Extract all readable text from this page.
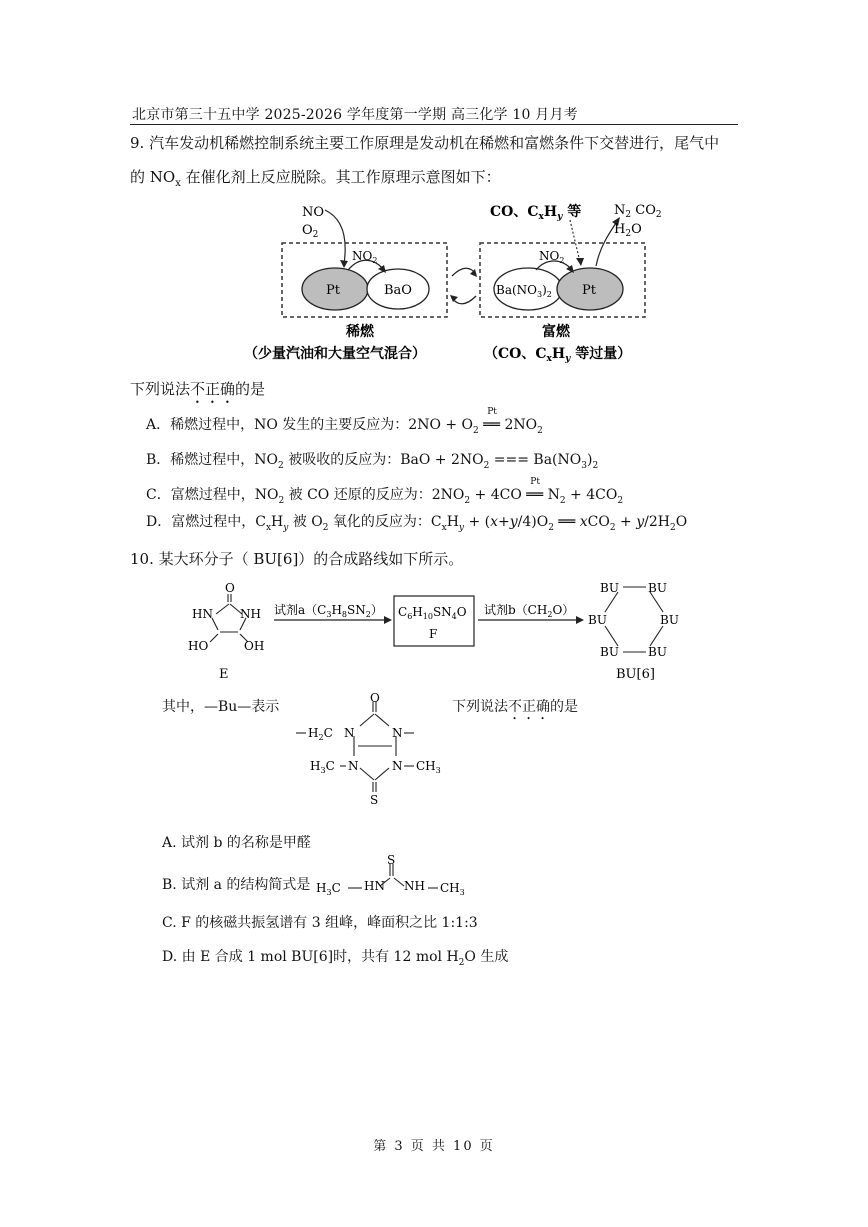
北京市第三十五中学 2025-2026 学年度第一学期 高三化学 10 月月考
9. 汽车发动机稀燃控制系统主要工作原理是发动机在稀燃和富燃条件下交替进行，尾气中
的 $NO_x$ 在催化剂上反应脱除。其工作原理示意图如下：
Pt	BaO
NO
$O_2$
$NO_2$
$Ba(NO_3)_2$ Pt
$NO_2$
CO、$C_xH_y$ 等	$N_2$ $CO_2$
$H_2O$
稀燃	富燃
（少量汽油和大量空气混合）	（CO、$C_xH_y$ 等过量）
下列说法不正确的是
A．稀燃过程中，NO 发生的主要反应为：$2NO + O_2$
Pt
══ $2NO_2$
B．稀燃过程中，$NO_2$ 被吸收的反应为：BaO + $2NO_2$ === $Ba(NO_3)_2$
C．富燃过程中，$NO_2$ 被 CO 还原的反应为：$2NO_2 + 4CO$
Pt
══ $N_2 + 4CO_2$
D．富燃过程中，$C_xH_y$ 被 $O_2$ 氧化的反应为：$C_xH_y + (x+y/4)O_2$ ══ $xCO_2 + y/2H_2O$
10. 某大环分子（ BU[6]）的合成路线如下所示。
O
HN NH
HO	OH
E
试剂$a(C_3H_8SN_2)$ $C_6H_{10}SN_4O$
F
试剂$b(CH_2O)$
BU BU
BU	BU
BU BU
BU[6]
其中，—Bu—表示
O
$H_2C$ N	N
$H_3C$ N	N $CH_3$
S
下列说法不正确的是
A. 试剂 b 的名称是甲醛
B. 试剂 a 的结构简式是 $H_3C$ HN
S
NH $CH_3$
C. F 的核磁共振氢谱有 3 组峰，峰面积之比 1:1:3
D. 由 E 合成 1 mol BU[6]时，共有 12 mol $H_2O$ 生成
第 3 页 共 10 页
